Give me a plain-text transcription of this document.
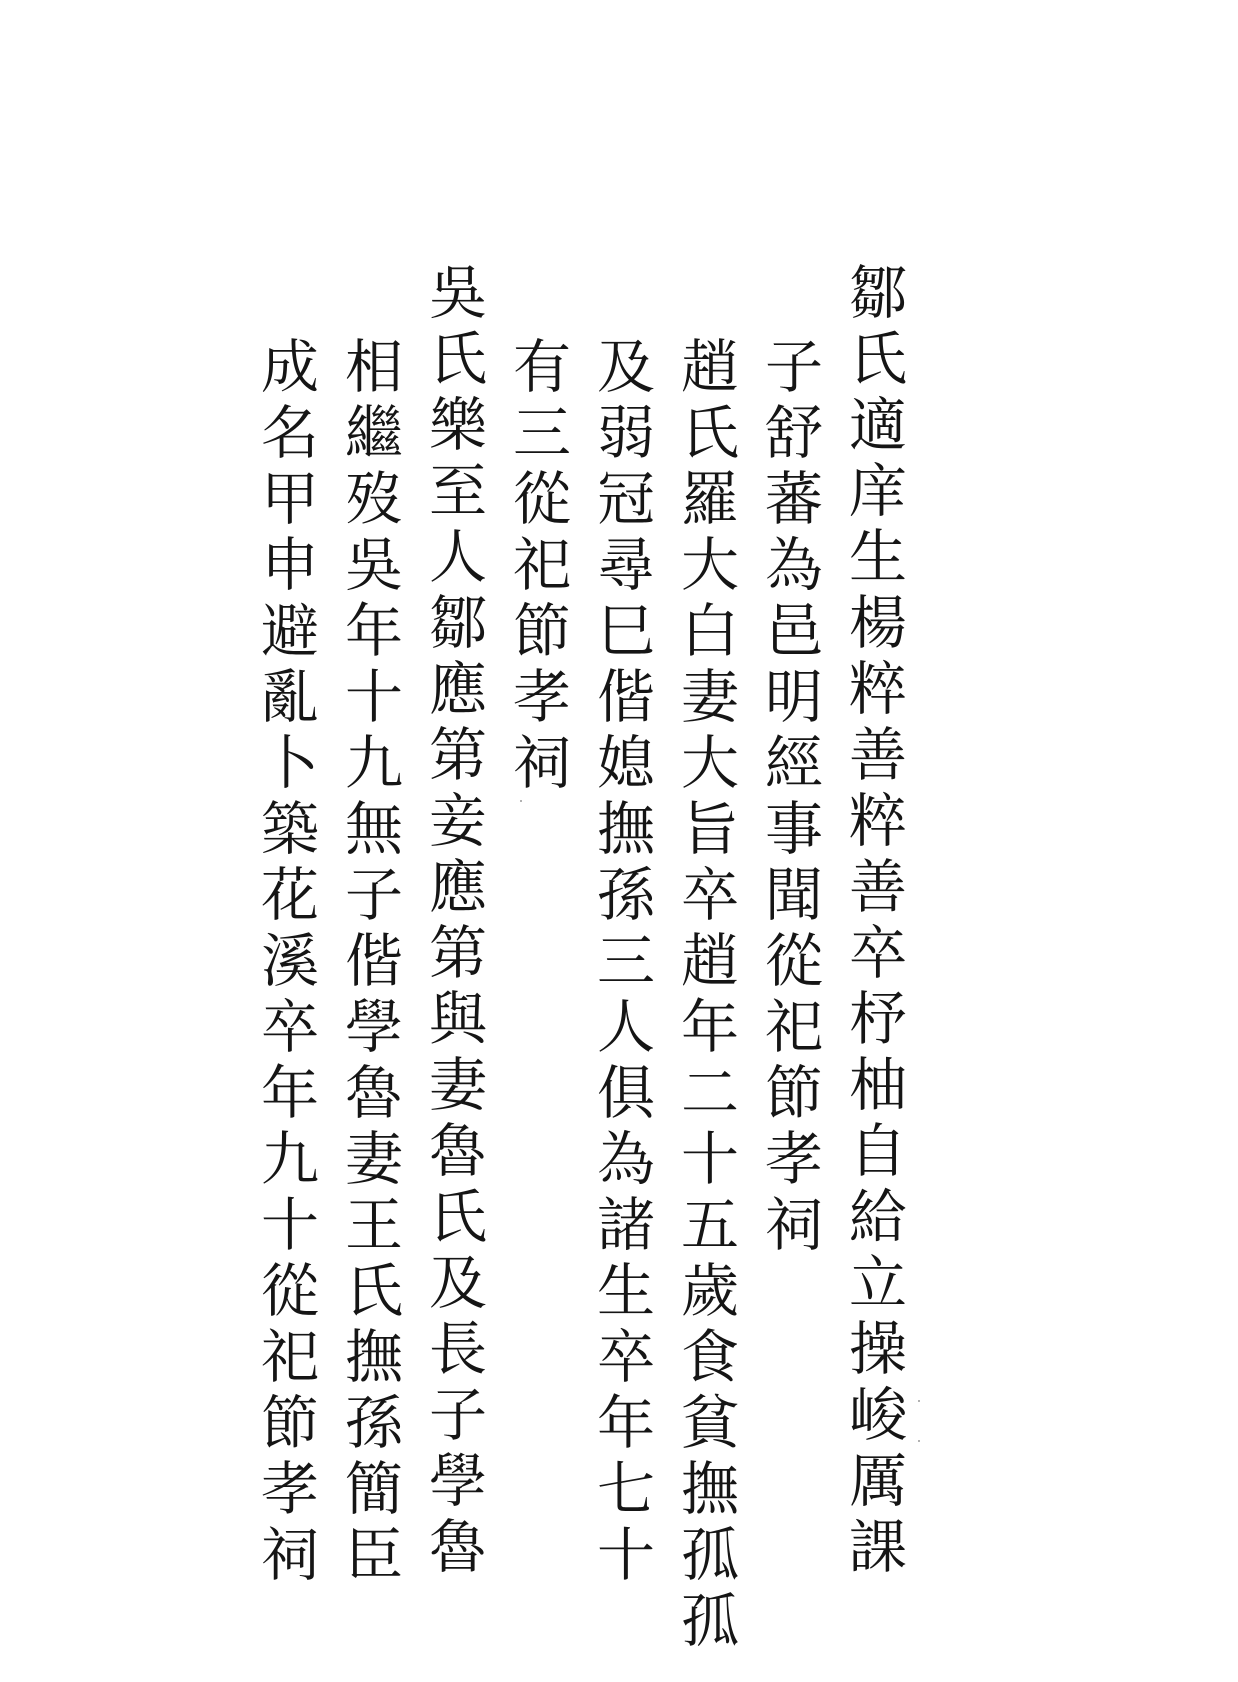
鄒氏適庠生楊粹善粹善卒杼柚自給立操峻厲課
子舒蕃為邑明經事聞從祀節孝祠
趙氏羅大白妻大旨卒趙年二十五歲食貧撫孤孤
及弱冠尋巳偕媳撫孫三人俱為諸生卒年七十
有三從祀節孝祠
吳氏樂至人鄒應第妾應第與妻魯氏及長子學魯
相繼歿吳年十九無子偕學魯妻王氏撫孫簡臣
成名甲申避亂卜築花溪卒年九十從祀節孝祠
